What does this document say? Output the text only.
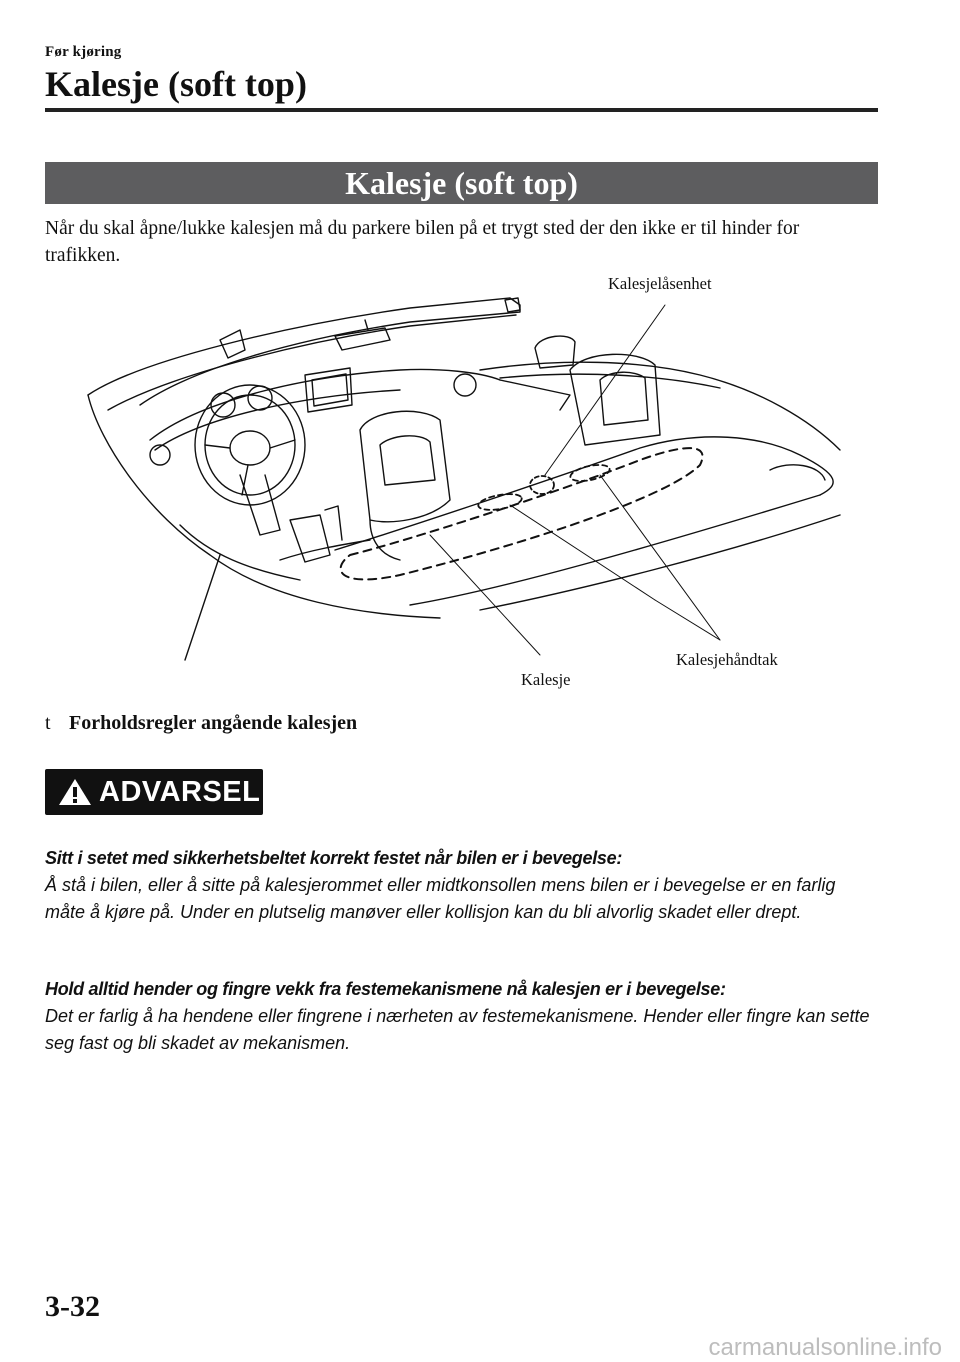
Før kjøring
Kalesje (soft top)
Kalesje (soft top)
Når du skal åpne/lukke kalesjen må du parkere bilen på et trygt sted der den ikke er til hinder for trafikken.
Kalesjelåsenhet
Kalesjehåndtak
Kalesje
t Forholdsregler angående kalesjen
ADVARSEL
Sitt i setet med sikkerhetsbeltet korrekt festet når bilen er i bevegelse:
Å stå i bilen, eller å sitte på kalesjerommet eller midtkonsollen mens bilen er i bevegelse er en farlig måte å kjøre på. Under en plutselig manøver eller kollisjon kan du bli alvorlig skadet eller drept.
Hold alltid hender og fingre vekk fra festemekanismene nå kalesjen er i bevegelse:
Det er farlig å ha hendene eller fingrene i nærheten av festemekanismene. Hender eller fingre kan sette seg fast og bli skadet av mekanismen.
3-32
carmanualsonline.info
